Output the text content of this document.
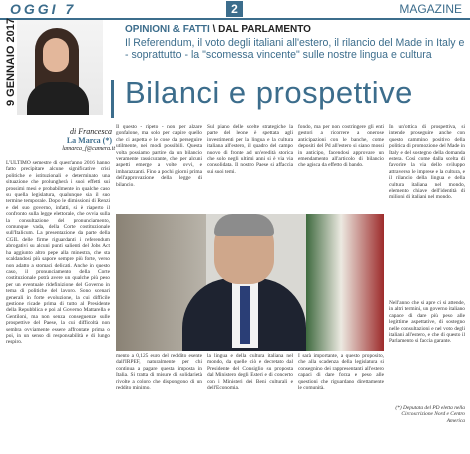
OGGI 7	2	MAGAZINE
9 GENNAIO 2017
di Francesca
La Marca (*)
lamarca_f@camera.it
OPINIONI & FATTI \ DAL PARLAMENTO
Il Referendum, il voto degli italiani all'estero, il rilancio del Made in Italy e - soprattutto - la "scomessa vincente" sulle nostre lingua e cultura
Bilanci e prospettive
L'ULTIMO semestre di quest'anno 2016 hanno fatto precipitare alcune significative crisi politiche e istituzionali e determinato una situazione che prolungherà i suoi effetti sui prossimi mesi e probabilmente in qualche caso su quella legislatura, qualunque sia il suo termine temporale. Dopo le dimissioni di Renzi e del suo governo, infatti, si è riaperto il confronto sulla legge elettorale, che ovvia sulla la consultazione del pronunciamento, comunque vada, della Corte costituzionale sull'Italicum. La presentazione da parte della CGIL delle firme riguardanti i referendum abrogativi su alcuni punti salienti del Jobs Act ha aggiunto altro pepe alla minestra, che sta scaldandosi più sapore sempre più forte, verso non adatto a stomaci delicati. Anche in questo caso, il pronunciamento della Corte costituzionale potrà avere un qualche più peso per un eventuale ridefinizione del Governo in tema di politiche del lavoro. Sono scenari generali in forte evoluzione, la cui difficile gestione ricade prima di tutto al Presidente della Repubblica e poi al Governo Mattarella e Gentiloni, ma non senza conseguenze sulle prospettive del Paese, la cui difficoltà non sembra ovviamente essere affrontate prima o poi, in un senso di responsabilità e di lungo respiro.
Il questo - ripeto - non per alzare gonfalone, ma solo per capire quello che ci aspetta e le cose da perseguire utilmente, nei modi possibili. Questa volta possiamo partire da un bilancio veramente rassicurante, che per alcuni aspetti emerge a volte ovvi, e imbarazzanti. Fino a pochi giorni prima dell'approvazione della legge di bilancio.
Sul piano delle scelte strategiche la parte del leone è spettata agli investimenti per la lingua e la cultura italiana all'estero, il quadro del campo nuovo di fronte ad un'eredità storica che solo negli ultimi anni si è via via consolidata. Il nostro Paese si affaccia sui suoi temi.
fondo, ma per non costringere gli enti gestori a ricorrere a onerose anticipazioni con le banche, come depositi del Pd all'estero si siano mossi in anticipo, facendosi approvare un emendamento all'articolo di bilancio che agisca da effetto di bando.
In un'ottica di prospettiva, si intende proseguire anche con questo cammino positivo della politica di promozione del Made in Italy e del sostegno della domanda estera. Così come dalla scelta di favorire la via dello sviluppo attraverso le imprese e la cultura, e il rilancio della lingua e della cultura italiana nel mondo, elemento chiave dell'identità di milioni di italiani nel mondo.
mento a 0,125 euro del reddito esente dall'IRPEF, naturalmente per chi continua a pagare questa imposta in Italia. Si tratta di misure di solidarietà rivolte a coloro che dispongono di un reddito minimo.
la lingua e della cultura italiana nel mondo, da quelle ciò e decretato dal Presidente del Consiglio su proposta dal Ministero degli Esteri e di concerto con i Ministeri dei Beni culturali e dell'Economia.
I sarà importante, a questo proposito, che alla scadenza della legislatura si consegnino dei rappresentanti all'estero capaci di dare forza e peso alle questioni che riguardano direttamente le comunità.
Nell'anno che si apre ci si attende, in altri termini, un governo italiano capace di dare più peso alle legittime aspettative, di sostegno nelle consultazioni e nel voto degli italiani all'estero, e che di questo il Parlamento si faccia garante.
(*) Deputata del PD eletta nella Circoscrizione Nord e Centro America
